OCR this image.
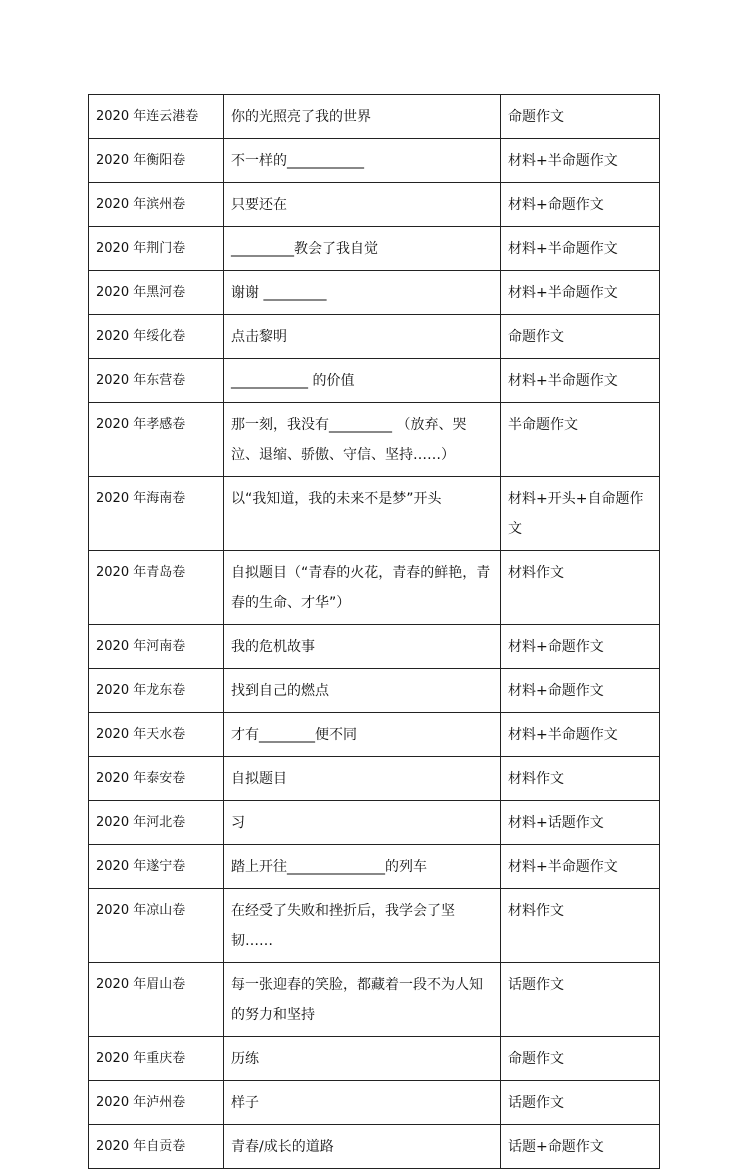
2020 年连云港卷	你的光照亮了我的世界	命题作文
2020 年衡阳卷	不一样的___________	材料+半命题作文
2020 年滨州卷	只要还在	材料+命题作文
2020 年荆门卷	_________教会了我自觉	材料+半命题作文
2020 年黑河卷	谢谢 _________	材料+半命题作文
2020 年绥化卷	点击黎明	命题作文
2020 年东营卷	___________ 的价值	材料+半命题作文
2020 年孝感卷	那一刻，我没有_________ （放弃、哭泣、退缩、骄傲、守信、坚持……）	半命题作文
2020 年海南卷	以“我知道，我的未来不是梦”开头	材料+开头+自命题作文
2020 年青岛卷	自拟题目（“青春的火花，青春的鲜艳，青春的生命、才华”）	材料作文
2020 年河南卷	我的危机故事	材料+命题作文
2020 年龙东卷	找到自己的燃点	材料+命题作文
2020 年天水卷	才有________便不同	材料+半命题作文
2020 年泰安卷	自拟题目	材料作文
2020 年河北卷	习	材料+话题作文
2020 年遂宁卷	踏上开往______________的列车	材料+半命题作文
2020 年凉山卷	在经受了失败和挫折后，我学会了坚韧……	材料作文
2020 年眉山卷	每一张迎春的笑脸，都藏着一段不为人知的努力和坚持	话题作文
2020 年重庆卷	历练	命题作文
2020 年泸州卷	样子	话题作文
2020 年自贡卷	青春/成长的道路	话题+命题作文
